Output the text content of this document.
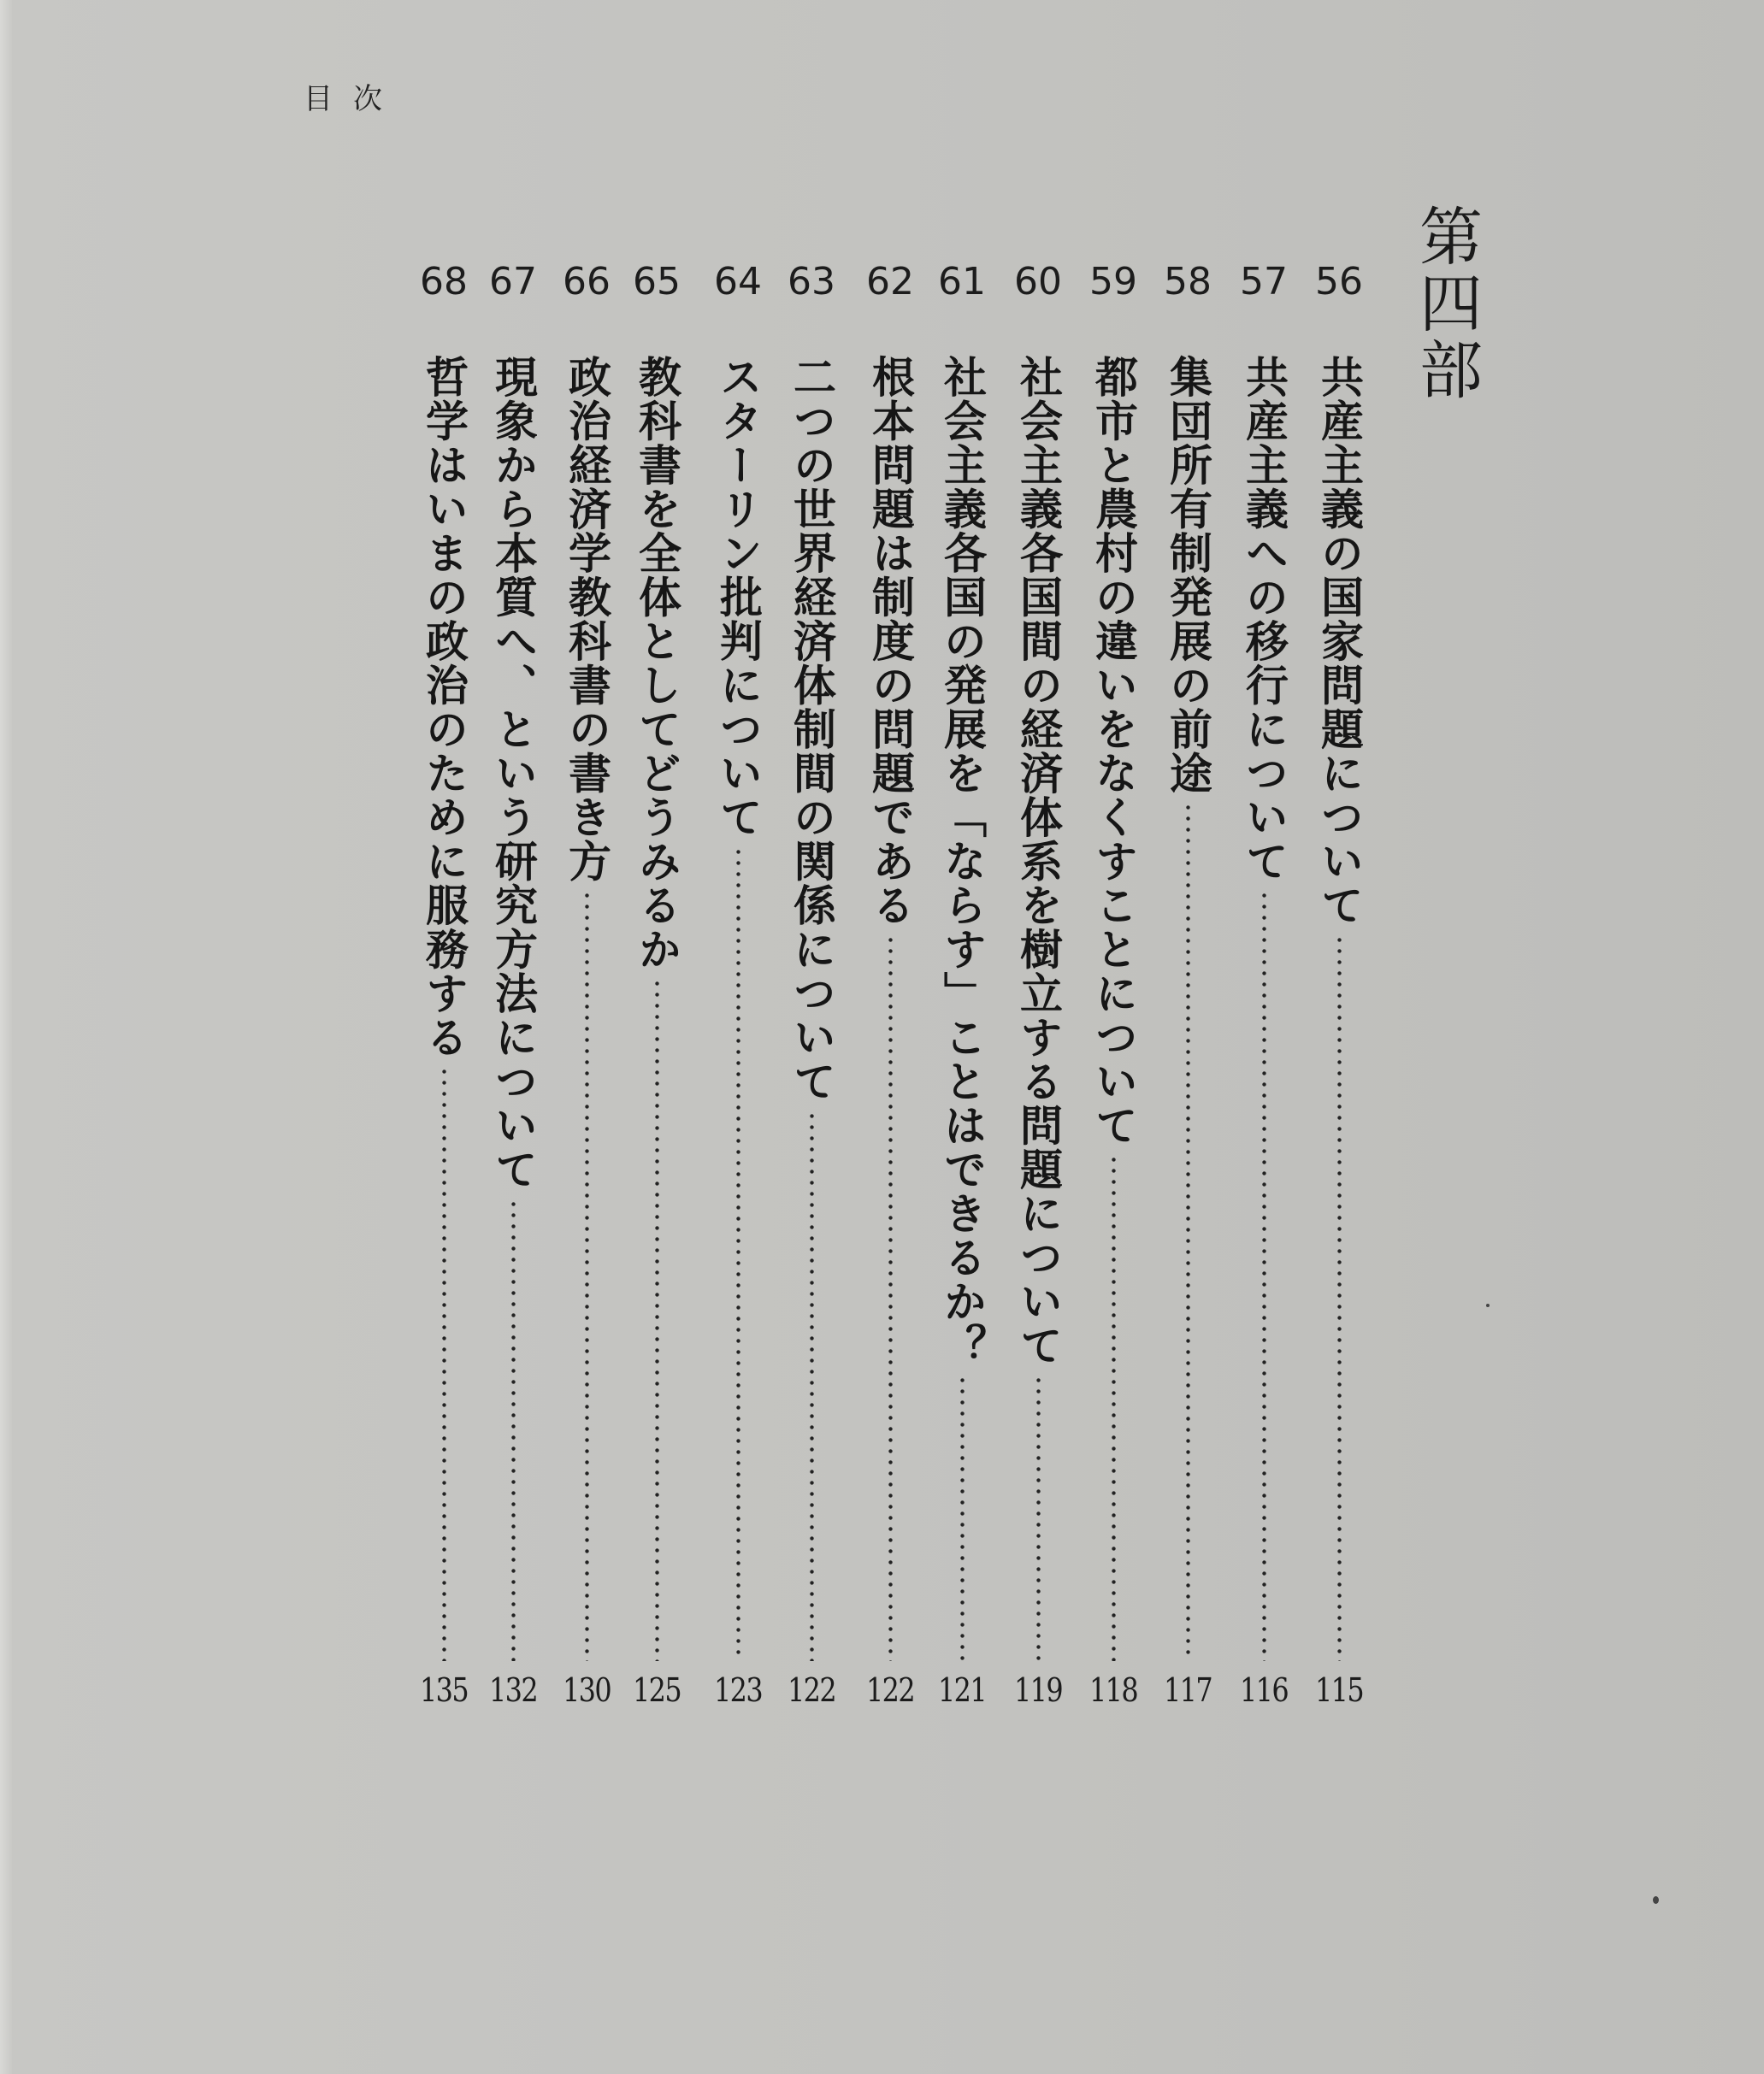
目次
第四部
56
共産主義の国家問題について
115
57
共産主義への移行について
116
58
集団所有制発展の前途
117
59
都市と農村の違いをなくすことについて
118
60
社会主義各国間の経済体系を樹立する問題について
119
61
社会主義各国の発展を「ならす」ことはできるか？
121
62
根本問題は制度の問題である
122
63
二つの世界経済体制間の関係について
122
64
スターリン批判について
123
65
教科書を全体としてどうみるか
125
66
政治経済学教科書の書き方
130
67
現象から本質へ、という研究方法について
132
68
哲学はいまの政治のために服務する
135
